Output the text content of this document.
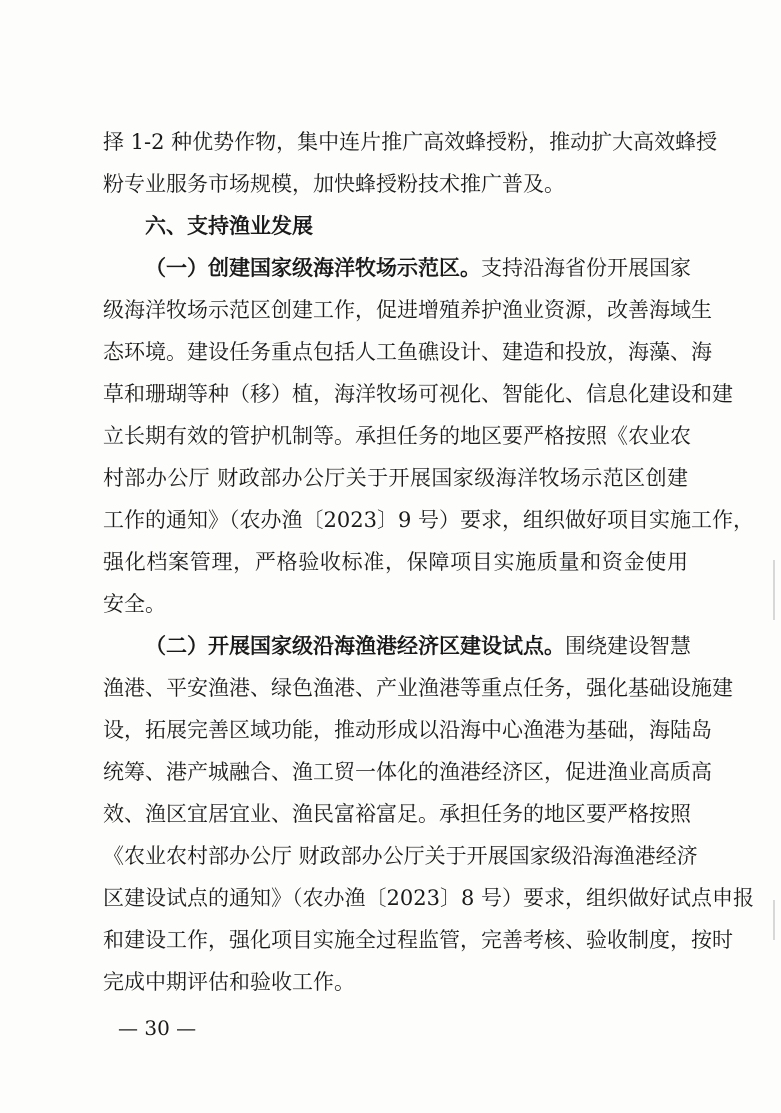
择 1-2 种优势作物，集中连片推广高效蜂授粉，推动扩大高效蜂授
粉专业服务市场规模，加快蜂授粉技术推广普及。
六、支持渔业发展
（一）创建国家级海洋牧场示范区。支持沿海省份开展国家
级海洋牧场示范区创建工作，促进增殖养护渔业资源，改善海域生
态环境。建设任务重点包括人工鱼礁设计、建造和投放，海藻、海
草和珊瑚等种（移）植，海洋牧场可视化、智能化、信息化建设和建
立长期有效的管护机制等。承担任务的地区要严格按照《农业农
村部办公厅 财政部办公厅关于开展国家级海洋牧场示范区创建
工作的通知》（农办渔〔2023〕9 号）要求，组织做好项目实施工作，
强化档案管理，严格验收标准，保障项目实施质量和资金使用
安全。
（二）开展国家级沿海渔港经济区建设试点。围绕建设智慧
渔港、平安渔港、绿色渔港、产业渔港等重点任务，强化基础设施建
设，拓展完善区域功能，推动形成以沿海中心渔港为基础，海陆岛
统筹、港产城融合、渔工贸一体化的渔港经济区，促进渔业高质高
效、渔区宜居宜业、渔民富裕富足。承担任务的地区要严格按照
《农业农村部办公厅 财政部办公厅关于开展国家级沿海渔港经济
区建设试点的通知》（农办渔〔2023〕8 号）要求，组织做好试点申报
和建设工作，强化项目实施全过程监管，完善考核、验收制度，按时
完成中期评估和验收工作。
— 30 —
